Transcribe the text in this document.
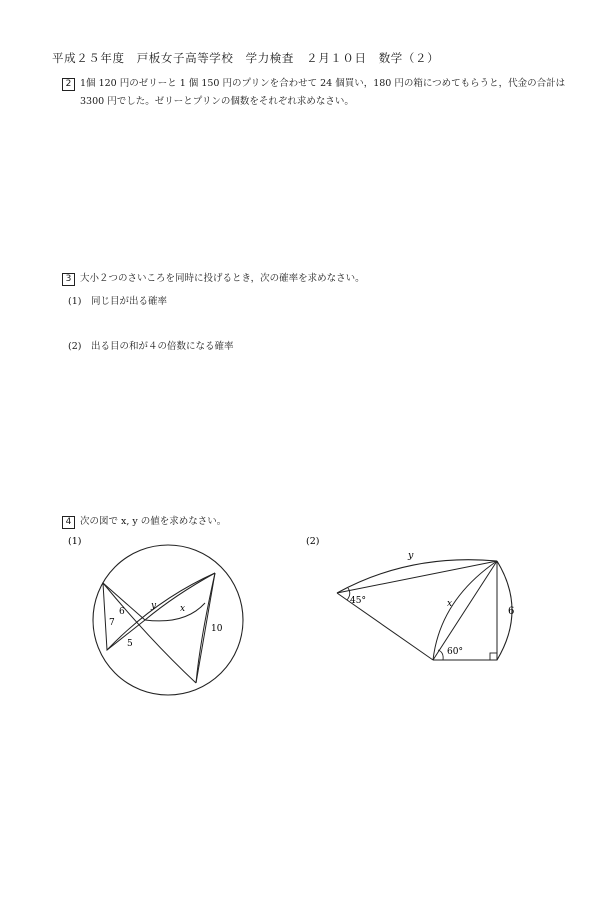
平成２５年度　戸板女子高等学校　学力検査　２月１０日　数学（２）
2 1個 120 円のゼリーと 1 個 150 円のプリンを合わせて 24 個買い，180 円の箱につめてもらうと，代金の合計は
3300 円でした。ゼリーとプリンの個数をそれぞれ求めなさい。
3 大小２つのさいころを同時に投げるとき，次の確率を求めなさい。
(1)　同じ目が出る確率
(2)　出る目の和が４の倍数になる確率
4 次の図で x, y の値を求めなさい。
(1)
6
7
5
y	x
10
(2)
y
x
6
45°
60°
